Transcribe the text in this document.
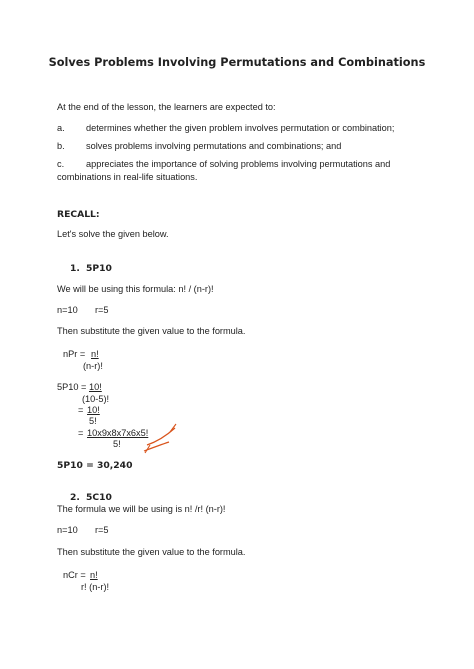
Solves Problems Involving Permutations and Combinations
At the end of the lesson, the learners are expected to:
a. determines whether the given problem involves permutation or combination;
b. solves problems involving permutations and combinations; and
c. appreciates the importance of solving problems involving permutations and
combinations in real-life situations.
RECALL:
Let's solve the given below.
1. 5P10
We will be using this formula: n! / (n-r)!
n=10 r=5
Then substitute the given value to the formula.
nPr = n!
(n-r)!
5P10 = 10!
(10-5)!
= 10!
5!
= 10x9x8x7x6x5!
5!
5P10 = 30,240
2. 5C10
The formula we will be using is n! /r! (n-r)!
n=10 r=5
Then substitute the given value to the formula.
nCr = n!
r! (n-r)!
